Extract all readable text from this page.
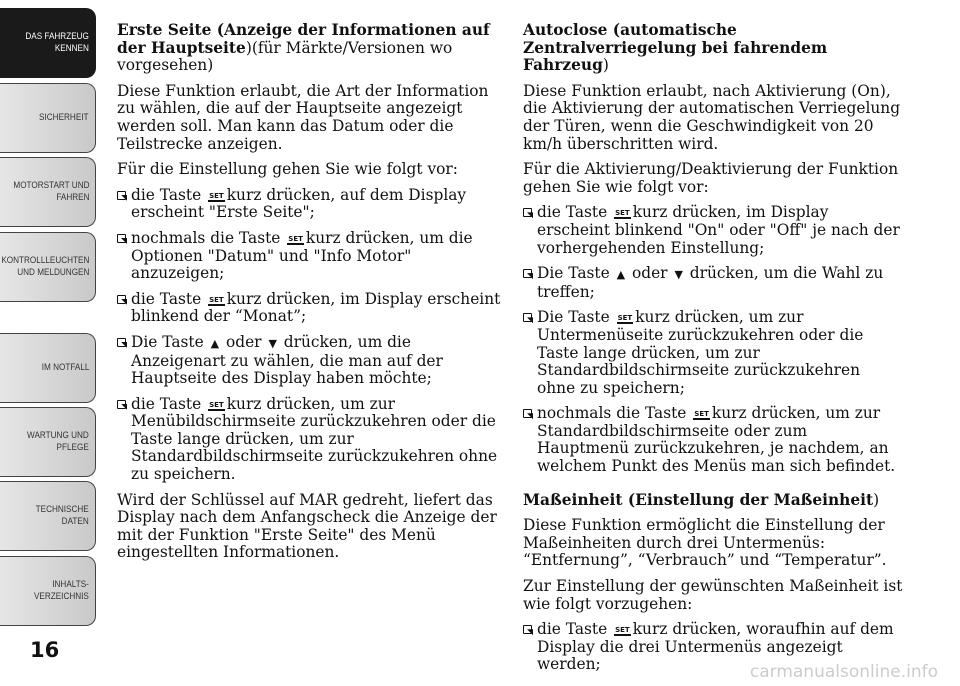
DAS FAHRZEUG
KENNEN
SICHERHEIT
MOTORSTART UND
FAHREN
KONTROLLLEUCHTEN
UND MELDUNGEN
IM NOTFALL
WARTUNG UND
PFLEGE
TECHNISCHE
DATEN
INHALTS-
VERZEICHNIS
16

Erste Seite (Anzeige der Informationen auf der Hauptseite)(für Märkte/Versionen wo vorgesehen)

Diese Funktion erlaubt, die Art der Information zu wählen, die auf der Hauptseite angezeigt werden soll. Man kann das Datum oder die Teilstrecke anzeigen.

Für die Einstellung gehen Sie wie folgt vor:

die Taste SET kurz drücken, auf dem Display erscheint "Erste Seite";
nochmals die Taste SET kurz drücken, um die Optionen "Datum" und "Info Motor" anzuzeigen;
die Taste SET kurz drücken, im Display erscheint blinkend der “Monat”;
Die Taste ▲ oder ▼ drücken, um die Anzeigenart zu wählen, die man auf der Hauptseite des Display haben möchte;
die Taste SET kurz drücken, um zur Menübildschirmseite zurückzukehren oder die Taste lange drücken, um zur Standardbildschirmseite zurückzukehren ohne zu speichern.

Wird der Schlüssel auf MAR gedreht, liefert das Display nach dem Anfangscheck die Anzeige der mit der Funktion "Erste Seite" des Menü eingestellten Informationen.

Autoclose (automatische Zentralverriegelung bei fahrendem Fahrzeug)

Diese Funktion erlaubt, nach Aktivierung (On), die Aktivierung der automatischen Verriegelung der Türen, wenn die Geschwindigkeit von 20 km/h überschritten wird.

Für die Aktivierung/Deaktivierung der Funktion gehen Sie wie folgt vor:

die Taste SET kurz drücken, im Display erscheint blinkend "On" oder "Off" je nach der vorhergehenden Einstellung;
Die Taste ▲ oder ▼ drücken, um die Wahl zu treffen;
Die Taste SET kurz drücken, um zur Untermenüseite zurückzukehren oder die Taste lange drücken, um zur Standardbildschirmseite zurückzukehren ohne zu speichern;
nochmals die Taste SET kurz drücken, um zur Standardbildschirmseite oder zum Hauptmenü zurückzukehren, je nachdem, an welchem Punkt des Menüs man sich befindet.

Maßeinheit (Einstellung der Maßeinheit)

Diese Funktion ermöglicht die Einstellung der Maßeinheiten durch drei Untermenüs: “Entfernung”, “Verbrauch” und “Temperatur”.

Zur Einstellung der gewünschten Maßeinheit ist wie folgt vorzugehen:

die Taste SET kurz drücken, woraufhin auf dem Display die drei Untermenüs angezeigt werden;	carmanualsonline.info
